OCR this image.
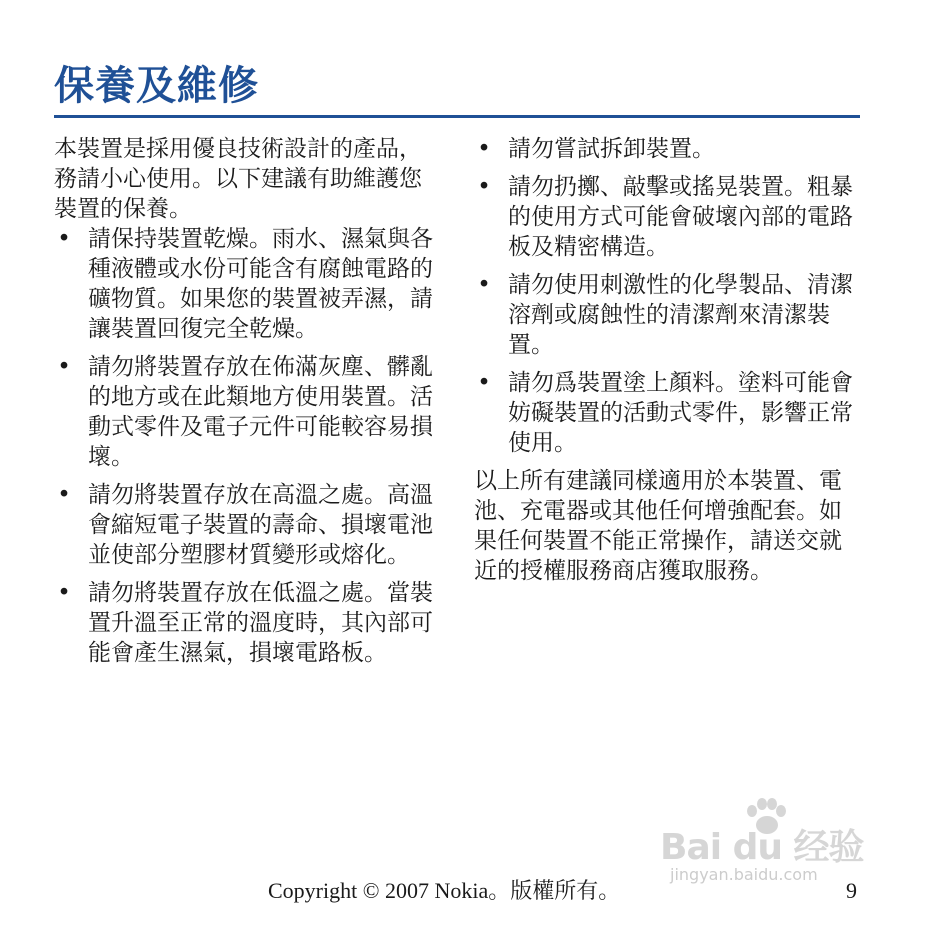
保養及維修

本裝置是採用優良技術設計的產品，務請小心使用。以下建議有助維護您裝置的保養。

• 請保持裝置乾燥。雨水、濕氣與各種液體或水份可能含有腐蝕電路的礦物質。如果您的裝置被弄濕，請讓裝置回復完全乾燥。
• 請勿將裝置存放在佈滿灰塵、髒亂的地方或在此類地方使用裝置。活動式零件及電子元件可能較容易損壞。
• 請勿將裝置存放在高溫之處。高溫會縮短電子裝置的壽命、損壞電池並使部分塑膠材質變形或熔化。
• 請勿將裝置存放在低溫之處。當裝置升溫至正常的溫度時，其內部可能會產生濕氣，損壞電路板。
• 請勿嘗試拆卸裝置。
• 請勿扔擲、敲擊或搖晃裝置。粗暴的使用方式可能會破壞內部的電路板及精密構造。
• 請勿使用刺激性的化學製品、清潔溶劑或腐蝕性的清潔劑來清潔裝置。
• 請勿爲裝置塗上顏料。塗料可能會妨礙裝置的活動式零件，影響正常使用。

以上所有建議同樣適用於本裝置、電池、充電器或其他任何增強配套。如果任何裝置不能正常操作，請送交就近的授權服務商店獲取服務。

Bai du 经验
jingyan.baidu.com
Copyright © 2007 Nokia。版權所有。	9
